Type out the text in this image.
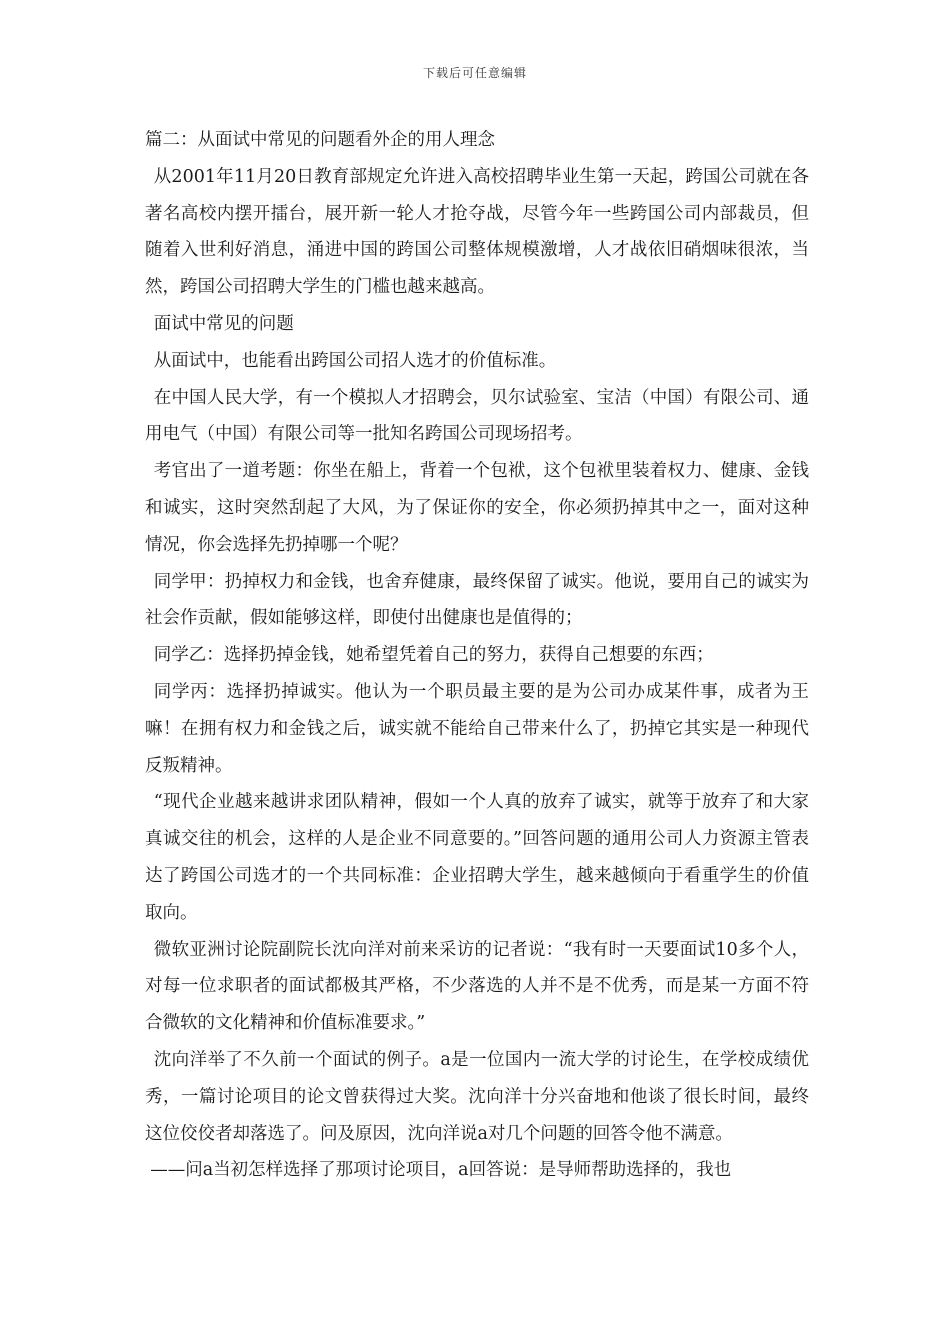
下载后可任意编辑

篇二：从面试中常见的问题看外企的用人理念

从2001年11月20日教育部规定允许进入高校招聘毕业生第一天起，跨国公司就在各著名高校内摆开擂台，展开新一轮人才抢夺战，尽管今年一些跨国公司内部裁员，但随着入世利好消息，涌进中国的跨国公司整体规模激增，人才战依旧硝烟味很浓，当然，跨国公司招聘大学生的门槛也越来越高。

面试中常见的问题

从面试中，也能看出跨国公司招人选才的价值标准。

在中国人民大学，有一个模拟人才招聘会，贝尔试验室、宝洁（中国）有限公司、通用电气（中国）有限公司等一批知名跨国公司现场招考。

考官出了一道考题：你坐在船上，背着一个包袱，这个包袱里装着权力、健康、金钱和诚实，这时突然刮起了大风，为了保证你的安全，你必须扔掉其中之一，面对这种情况，你会选择先扔掉哪一个呢？

同学甲：扔掉权力和金钱，也舍弃健康，最终保留了诚实。他说，要用自己的诚实为社会作贡献，假如能够这样，即使付出健康也是值得的；

同学乙：选择扔掉金钱，她希望凭着自己的努力，获得自己想要的东西；

同学丙：选择扔掉诚实。他认为一个职员最主要的是为公司办成某件事，成者为王嘛！在拥有权力和金钱之后，诚实就不能给自己带来什么了，扔掉它其实是一种现代反叛精神。

“现代企业越来越讲求团队精神，假如一个人真的放弃了诚实，就等于放弃了和大家真诚交往的机会，这样的人是企业不同意要的。”回答问题的通用公司人力资源主管表达了跨国公司选才的一个共同标准：企业招聘大学生，越来越倾向于看重学生的价值取向。

微软亚洲讨论院副院长沈向洋对前来采访的记者说：“我有时一天要面试10多个人，对每一位求职者的面试都极其严格，不少落选的人并不是不优秀，而是某一方面不符合微软的文化精神和价值标准要求。”

沈向洋举了不久前一个面试的例子。a是一位国内一流大学的讨论生，在学校成绩优秀，一篇讨论项目的论文曾获得过大奖。沈向洋十分兴奋地和他谈了很长时间，最终这位佼佼者却落选了。问及原因，沈向洋说a对几个问题的回答令他不满意。

——问a当初怎样选择了那项讨论项目，a回答说：是导师帮助选择的，我也
